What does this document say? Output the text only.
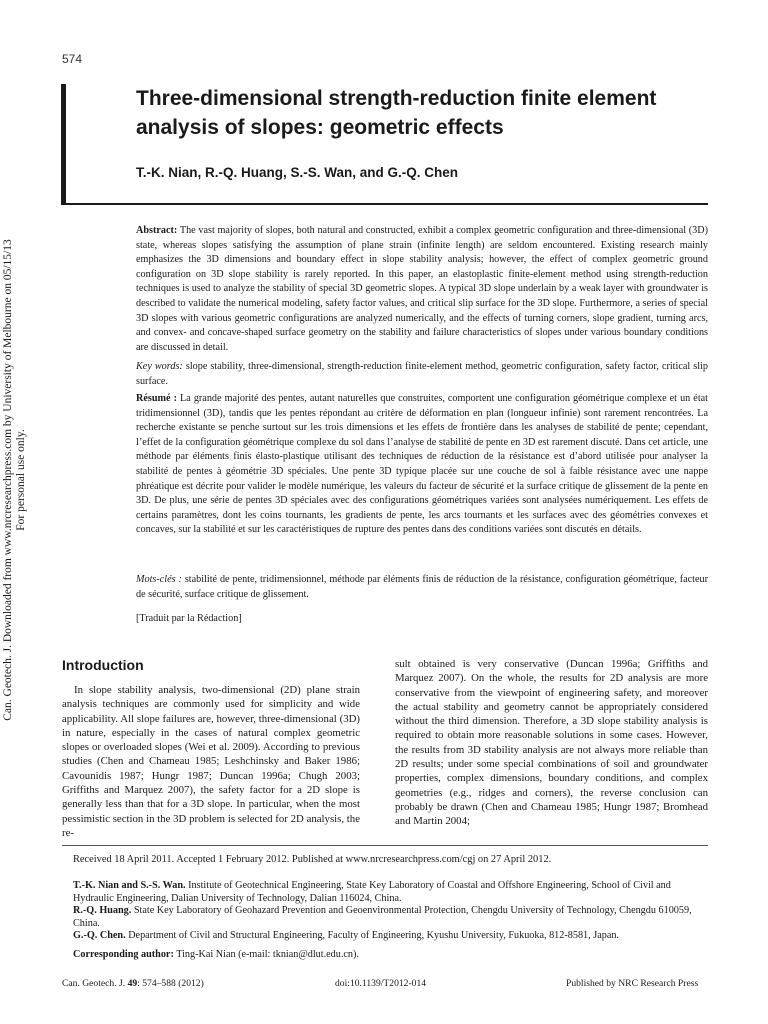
574
Three-dimensional strength-reduction finite element analysis of slopes: geometric effects
T.-K. Nian, R.-Q. Huang, S.-S. Wan, and G.-Q. Chen
Can. Geotech. J. Downloaded from www.nrcresearchpress.com by University of Melbourne on 05/15/13 For personal use only.
Abstract: The vast majority of slopes, both natural and constructed, exhibit a complex geometric configuration and three-dimensional (3D) state, whereas slopes satisfying the assumption of plane strain (infinite length) are seldom encountered. Existing research mainly emphasizes the 3D dimensions and boundary effect in slope stability analysis; however, the effect of complex geometric ground configuration on 3D slope stability is rarely reported. In this paper, an elastoplastic finite-element method using strength-reduction techniques is used to analyze the stability of special 3D geometric slopes. A typical 3D slope underlain by a weak layer with groundwater is described to validate the numerical modeling, safety factor values, and critical slip surface for the 3D slope. Furthermore, a series of special 3D slopes with various geometric configurations are analyzed numerically, and the effects of turning corners, slope gradient, turning arcs, and convex- and concave-shaped surface geometry on the stability and failure characteristics of slopes under various boundary conditions are discussed in detail.
Key words: slope stability, three-dimensional, strength-reduction finite-element method, geometric configuration, safety factor, critical slip surface.
Résumé : La grande majorité des pentes, autant naturelles que construites, comportent une configuration géométrique complexe et un état tridimensionnel (3D), tandis que les pentes répondant au critère de déformation en plan (longueur infinie) sont rarement rencontrées. La recherche existante se penche surtout sur les trois dimensions et les effets de frontière dans les analyses de stabilité de pente; cependant, l’effet de la configuration géométrique complexe du sol dans l’analyse de stabilité de pente en 3D est rarement discuté. Dans cet article, une méthode par éléments finis élasto-plastique utilisant des techniques de réduction de la résistance est d’abord utilisée pour analyser la stabilité de pentes à géométrie 3D spéciales. Une pente 3D typique placée sur une couche de sol à faible résistance avec une nappe phréatique est décrite pour valider le modèle numérique, les valeurs du facteur de sécurité et la surface critique de glissement de la pente en 3D. De plus, une série de pentes 3D spéciales avec des configurations géométriques variées sont analysées numériquement. Les effets de certains paramètres, dont les coins tournants, les gradients de pente, les arcs tournants et les surfaces avec des géométries convexes et concaves, sur la stabilité et sur les caractéristiques de rupture des pentes dans des conditions variées sont discutés en détails.
Mots-clés : stabilité de pente, tridimensionnel, méthode par éléments finis de réduction de la résistance, configuration géométrique, facteur de sécurité, surface critique de glissement.
[Traduit par la Rédaction]
Introduction
In slope stability analysis, two-dimensional (2D) plane strain analysis techniques are commonly used for simplicity and wide applicability. All slope failures are, however, three-dimensional (3D) in nature, especially in the cases of natural complex geometric slopes or overloaded slopes (Wei et al. 2009). According to previous studies (Chen and Chameau 1985; Leshchinsky and Baker 1986; Cavounidis 1987; Hungr 1987; Duncan 1996a; Chugh 2003; Griffiths and Marquez 2007), the safety factor for a 2D slope is generally less than that for a 3D slope. In particular, when the most pessimistic section in the 3D problem is selected for 2D analysis, the re-
sult obtained is very conservative (Duncan 1996a; Griffiths and Marquez 2007). On the whole, the results for 2D analysis are more conservative from the viewpoint of engineering safety, and moreover the actual stability and geometry cannot be appropriately considered without the third dimension. Therefore, a 3D slope stability analysis is required to obtain more reasonable solutions in some cases. However, the results from 3D stability analysis are not always more reliable than 2D results; under some special combinations of soil and groundwater properties, complex dimensions, boundary conditions, and complex geometries (e.g., ridges and corners), the reverse conclusion can probably be drawn (Chen and Chameau 1985; Hungr 1987; Bromhead and Martin 2004;
Received 18 April 2011. Accepted 1 February 2012. Published at www.nrcresearchpress.com/cgj on 27 April 2012.

T.-K. Nian and S.-S. Wan. Institute of Geotechnical Engineering, State Key Laboratory of Coastal and Offshore Engineering, School of Civil and Hydraulic Engineering, Dalian University of Technology, Dalian 116024, China.

R.-Q. Huang. State Key Laboratory of Geohazard Prevention and Geoenvironmental Protection, Chengdu University of Technology, Chengdu 610059, China.

G.-Q. Chen. Department of Civil and Structural Engineering, Faculty of Engineering, Kyushu University, Fukuoka, 812-8581, Japan.

Corresponding author: Ting-Kai Nian (e-mail: tknian@dlut.edu.cn).
Can. Geotech. J. 49: 574–588 (2012)	doi:10.1139/T2012-014	Published by NRC Research Press
